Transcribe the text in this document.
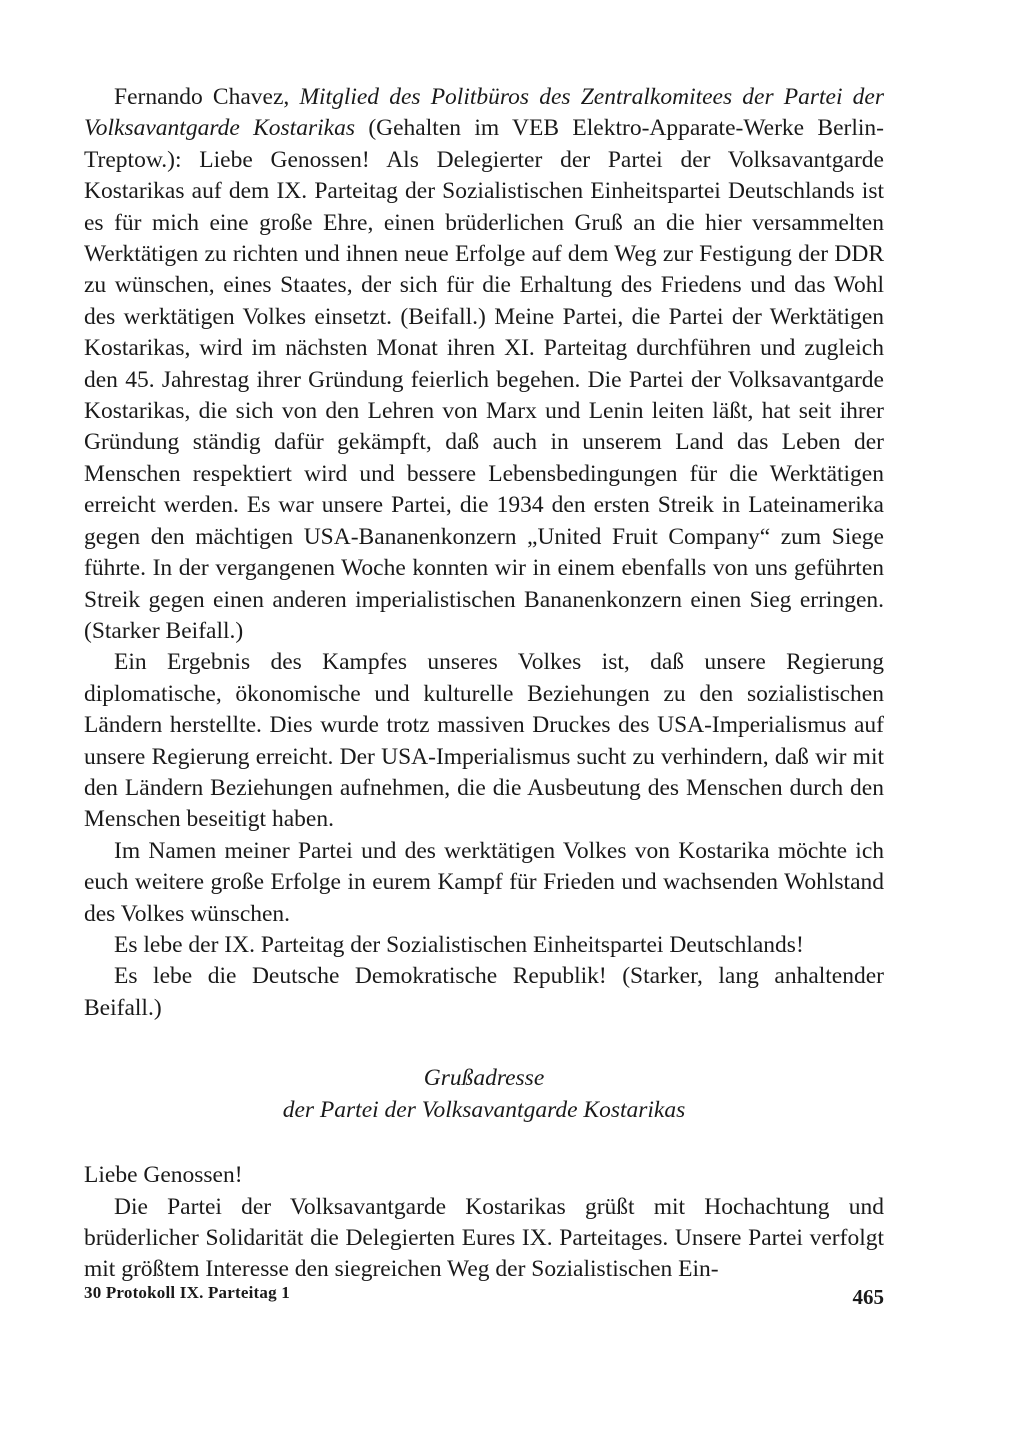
Fernando Chavez, Mitglied des Politbüros des Zentralkomitees der Partei der Volksavantgarde Kostarikas (Gehalten im VEB Elektro-Apparate-Werke Berlin-Treptow.): Liebe Genossen! Als Delegierter der Partei der Volksavantgarde Kostarikas auf dem IX. Parteitag der Sozialistischen Einheitspartei Deutschlands ist es für mich eine große Ehre, einen brüderlichen Gruß an die hier versammelten Werktätigen zu richten und ihnen neue Erfolge auf dem Weg zur Festigung der DDR zu wünschen, eines Staates, der sich für die Erhaltung des Friedens und das Wohl des werktätigen Volkes einsetzt. (Beifall.) Meine Partei, die Partei der Werktätigen Kostarikas, wird im nächsten Monat ihren XI. Parteitag durchführen und zugleich den 45. Jahrestag ihrer Gründung feierlich begehen. Die Partei der Volksavantgarde Kostarikas, die sich von den Lehren von Marx und Lenin leiten läßt, hat seit ihrer Gründung ständig dafür gekämpft, daß auch in unserem Land das Leben der Menschen respektiert wird und bessere Lebensbedingungen für die Werktätigen erreicht werden. Es war unsere Partei, die 1934 den ersten Streik in Lateinamerika gegen den mächtigen USA-Bananenkonzern „United Fruit Company“ zum Siege führte. In der vergangenen Woche konnten wir in einem ebenfalls von uns geführten Streik gegen einen anderen imperialistischen Bananenkonzern einen Sieg erringen. (Starker Beifall.)

Ein Ergebnis des Kampfes unseres Volkes ist, daß unsere Regierung diplomatische, ökonomische und kulturelle Beziehungen zu den sozialistischen Ländern herstellte. Dies wurde trotz massiven Druckes des USA-Imperialismus auf unsere Regierung erreicht. Der USA-Imperialismus sucht zu verhindern, daß wir mit den Ländern Beziehungen aufnehmen, die die Ausbeutung des Menschen durch den Menschen beseitigt haben.

Im Namen meiner Partei und des werktätigen Volkes von Kostarika möchte ich euch weitere große Erfolge in eurem Kampf für Frieden und wachsenden Wohlstand des Volkes wünschen.

Es lebe der IX. Parteitag der Sozialistischen Einheitspartei Deutschlands!

Es lebe die Deutsche Demokratische Republik! (Starker, lang anhaltender Beifall.)

Grußadresse
der Partei der Volksavantgarde Kostarikas

Liebe Genossen!

Die Partei der Volksavantgarde Kostarikas grüßt mit Hochachtung und brüderlicher Solidarität die Delegierten Eures IX. Parteitages. Unsere Partei verfolgt mit größtem Interesse den siegreichen Weg der Sozialistischen Ein-

30 Protokoll IX. Parteitag 1	465
